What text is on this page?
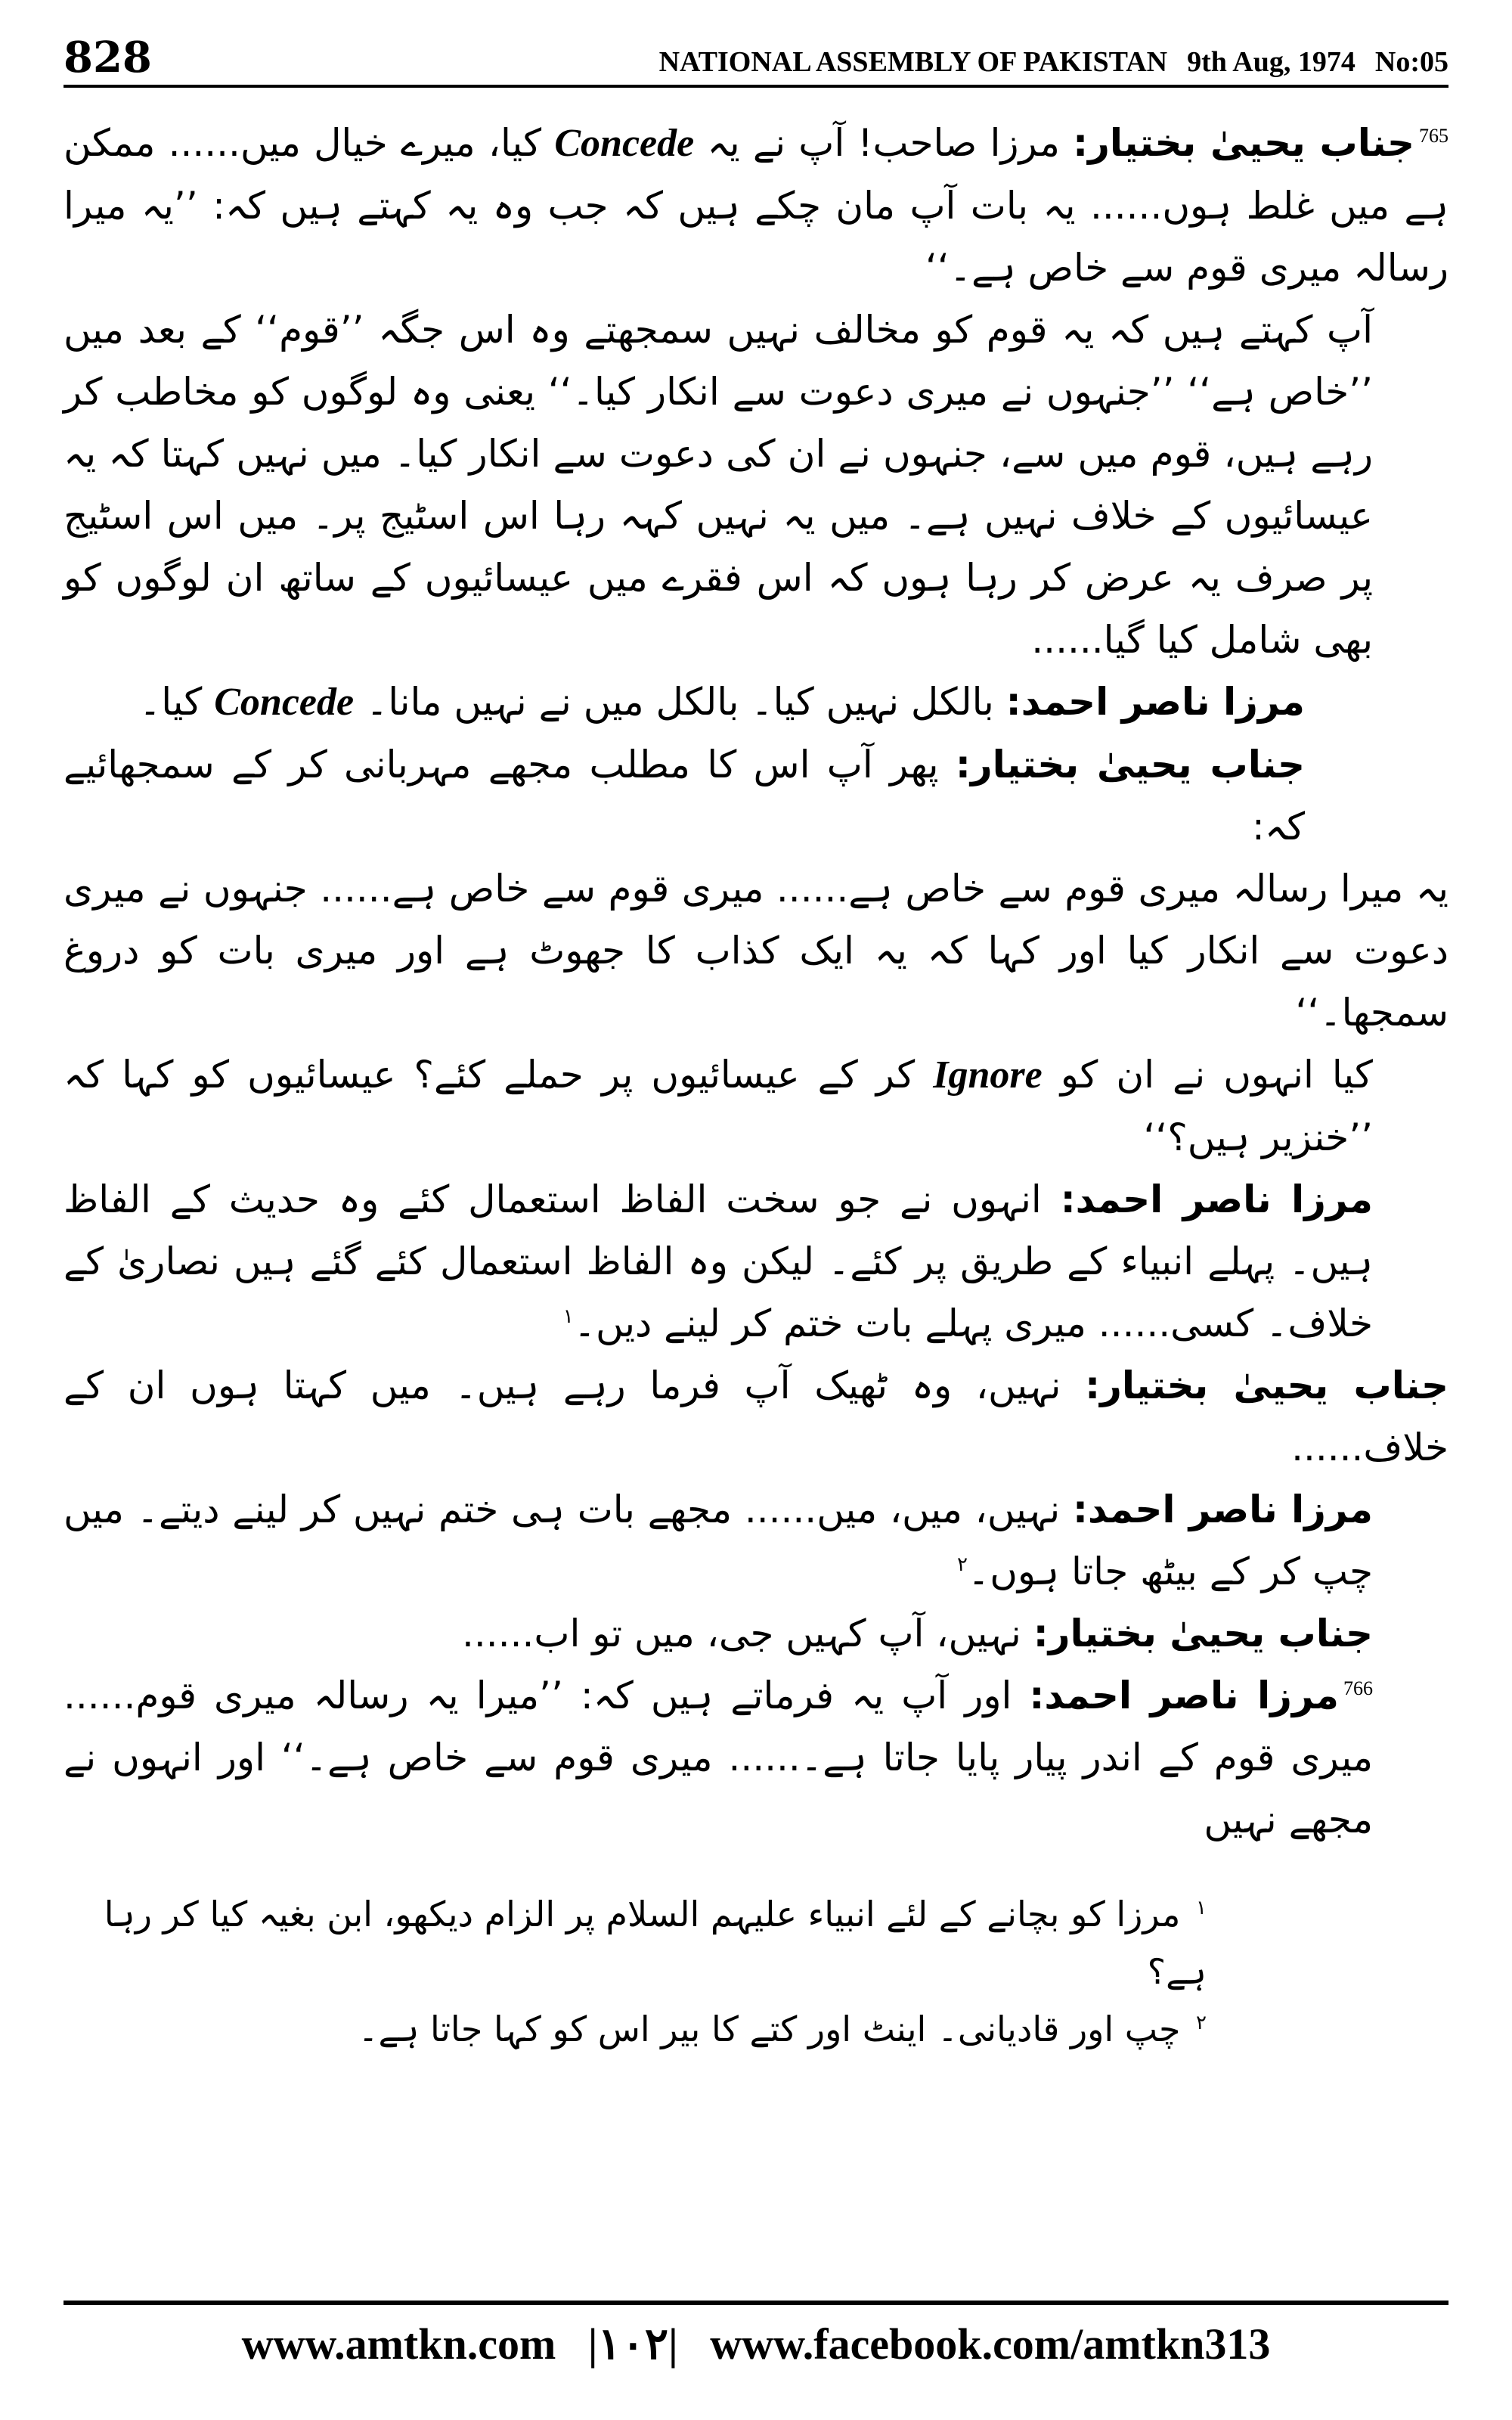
828	NATIONAL ASSEMBLY OF PAKISTAN 9th Aug, 1974 No:05

$^{765}$جناب یحییٰ بختیار: مرزا صاحب! آپ نے یہ Concede کیا، میرے خیال میں...... ممکن ہے میں غلط ہوں...... یہ بات آپ مان چکے ہیں کہ جب وہ یہ کہتے ہیں کہ: ’’یہ میرا رسالہ میری قوم سے خاص ہے۔‘‘

آپ کہتے ہیں کہ یہ قوم کو مخالف نہیں سمجھتے وہ اس جگہ ’’قوم‘‘ کے بعد میں ’’خاص ہے‘‘ ’’جنہوں نے میری دعوت سے انکار کیا۔‘‘ یعنی وہ لوگوں کو مخاطب کر رہے ہیں، قوم میں سے، جنہوں نے ان کی دعوت سے انکار کیا۔ میں نہیں کہتا کہ یہ عیسائیوں کے خلاف نہیں ہے۔ میں یہ نہیں کہہ رہا اس اسٹیج پر۔ میں اس اسٹیج پر صرف یہ عرض کر رہا ہوں کہ اس فقرے میں عیسائیوں کے ساتھ ان لوگوں کو بھی شامل کیا گیا......

مرزا ناصر احمد: بالکل نہیں کیا۔ بالکل میں نے نہیں مانا۔ Concede کیا۔

جناب یحییٰ بختیار: پھر آپ اس کا مطلب مجھے مہربانی کر کے سمجھائیے کہ:

یہ میرا رسالہ میری قوم سے خاص ہے...... میری قوم سے خاص ہے...... جنہوں نے میری دعوت سے انکار کیا اور کہا کہ یہ ایک کذاب کا جھوٹ ہے اور میری بات کو دروغ سمجھا۔‘‘

کیا انہوں نے ان کو Ignore کر کے عیسائیوں پر حملے کئے؟ عیسائیوں کو کہا کہ ’’خنزیر ہیں؟‘‘

مرزا ناصر احمد: انہوں نے جو سخت الفاظ استعمال کئے وہ حدیث کے الفاظ ہیں۔ پہلے انبیاء کے طریق پر کئے۔ لیکن وہ الفاظ استعمال کئے گئے ہیں نصاریٰ کے خلاف۔ کسی...... میری پہلے بات ختم کر لینے دیں۔$^۱$

جناب یحییٰ بختیار: نہیں، وہ ٹھیک آپ فرما رہے ہیں۔ میں کہتا ہوں ان کے خلاف......

مرزا ناصر احمد: نہیں، میں، میں...... مجھے بات ہی ختم نہیں کر لینے دیتے۔ میں چپ کر کے بیٹھ جاتا ہوں۔$^۲$

جناب یحییٰ بختیار: نہیں، آپ کہیں جی، میں تو اب......

$^{766}$مرزا ناصر احمد: اور آپ یہ فرماتے ہیں کہ: ’’میرا یہ رسالہ میری قوم...... میری قوم کے اندر پیار پایا جاتا ہے۔...... میری قوم سے خاص ہے۔‘‘ اور انہوں نے مجھے نہیں

$^۱$ مرزا کو بچانے کے لئے انبیاء علیہم السلام پر الزام دیکھو، ابن بغیہ کیا کر رہا ہے؟

$^۲$ چپ اور قادیانی۔ اینٹ اور کتے کا بیر اس کو کہا جاتا ہے۔

www.amtkn.com |۱۰۲| www.facebook.com/amtkn313
